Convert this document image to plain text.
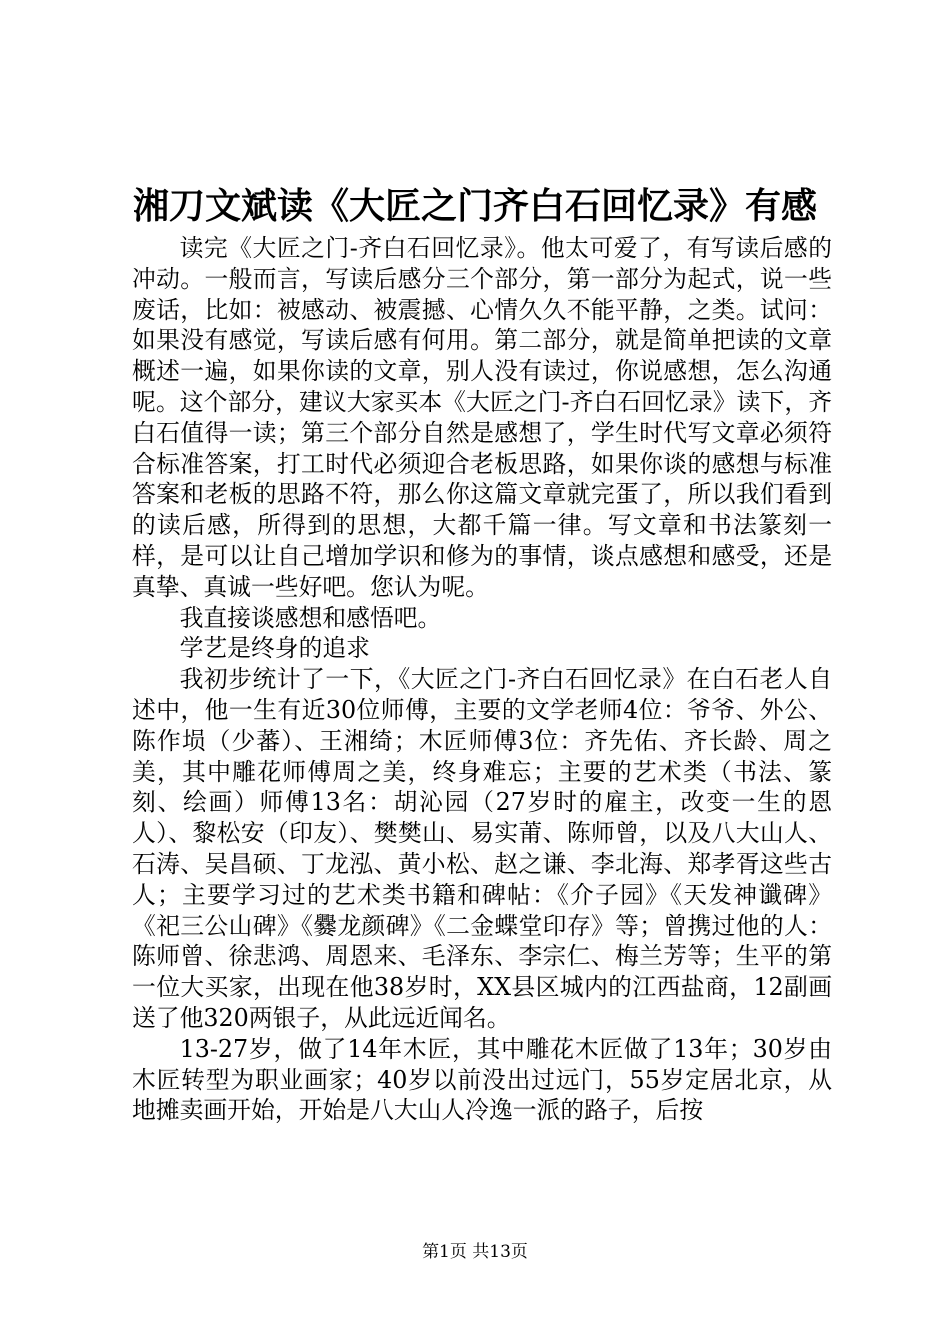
湘刀文斌读《大匠之门齐白石回忆录》有感

读完《大匠之门-齐白石回忆录》。他太可爱了，有写读后感的冲动。一般而言，写读后感分三个部分，第一部分为起式，说一些废话，比如：被感动、被震撼、心情久久不能平静，之类。试问：如果没有感觉，写读后感有何用。第二部分，就是简单把读的文章概述一遍，如果你读的文章，别人没有读过，你说感想，怎么沟通呢。这个部分，建议大家买本《大匠之门-齐白石回忆录》读下，齐白石值得一读；第三个部分自然是感想了，学生时代写文章必须符合标准答案，打工时代必须迎合老板思路，如果你谈的感想与标准答案和老板的思路不符，那么你这篇文章就完蛋了，所以我们看到的读后感，所得到的思想，大都千篇一律。写文章和书法篆刻一样，是可以让自己增加学识和修为的事情，谈点感想和感受，还是真挚、真诚一些好吧。您认为呢。

我直接谈感想和感悟吧。

学艺是终身的追求

我初步统计了一下，《大匠之门-齐白石回忆录》在白石老人自述中，他一生有近30位师傅，主要的文学老师4位：爷爷、外公、陈作埙（少蕃）、王湘绮；木匠师傅3位：齐先佑、齐长龄、周之美，其中雕花师傅周之美，终身难忘；主要的艺术类（书法、篆刻、绘画）师傅13名：胡沁园（27岁时的雇主，改变一生的恩人）、黎松安（印友）、樊樊山、易实莆、陈师曾，以及八大山人、石涛、吴昌硕、丁龙泓、黄小松、赵之谦、李北海、郑孝胥这些古人；主要学习过的艺术类书籍和碑帖：《介子园》《天发神谶碑》《祀三公山碑》《爨龙颜碑》《二金蝶堂印存》等；曾携过他的人：陈师曾、徐悲鸿、周恩来、毛泽东、李宗仁、梅兰芳等；生平的第一位大买家，出现在他38岁时，XX县区城内的江西盐商，12副画送了他320两银子，从此远近闻名。

13-27岁，做了14年木匠，其中雕花木匠做了13年；30岁由木匠转型为职业画家；40岁以前没出过远门，55岁定居北京，从地摊卖画开始，开始是八大山人冷逸一派的路子，后按

第1页 共13页
